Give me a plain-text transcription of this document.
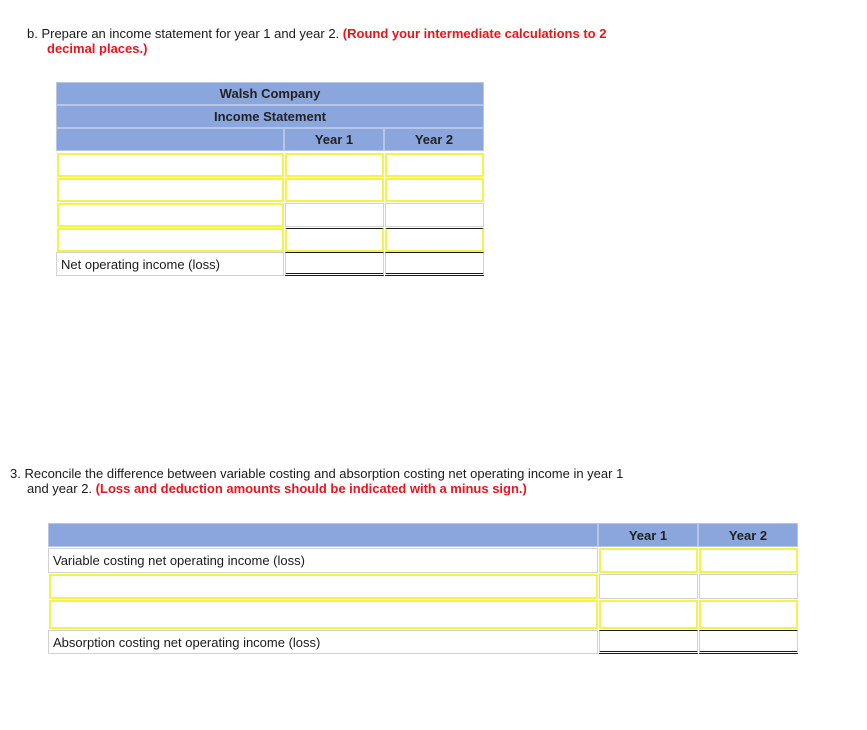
b. Prepare an income statement for year 1 and year 2. (Round your intermediate calculations to 2
decimal places.)
Walsh Company
Income Statement
Year 1	Year 2
Net operating income (loss)
3. Reconcile the difference between variable costing and absorption costing net operating income in year 1
and year 2. (Loss and deduction amounts should be indicated with a minus sign.)
Year 1	Year 2
Variable costing net operating income (loss)
Absorption costing net operating income (loss)
